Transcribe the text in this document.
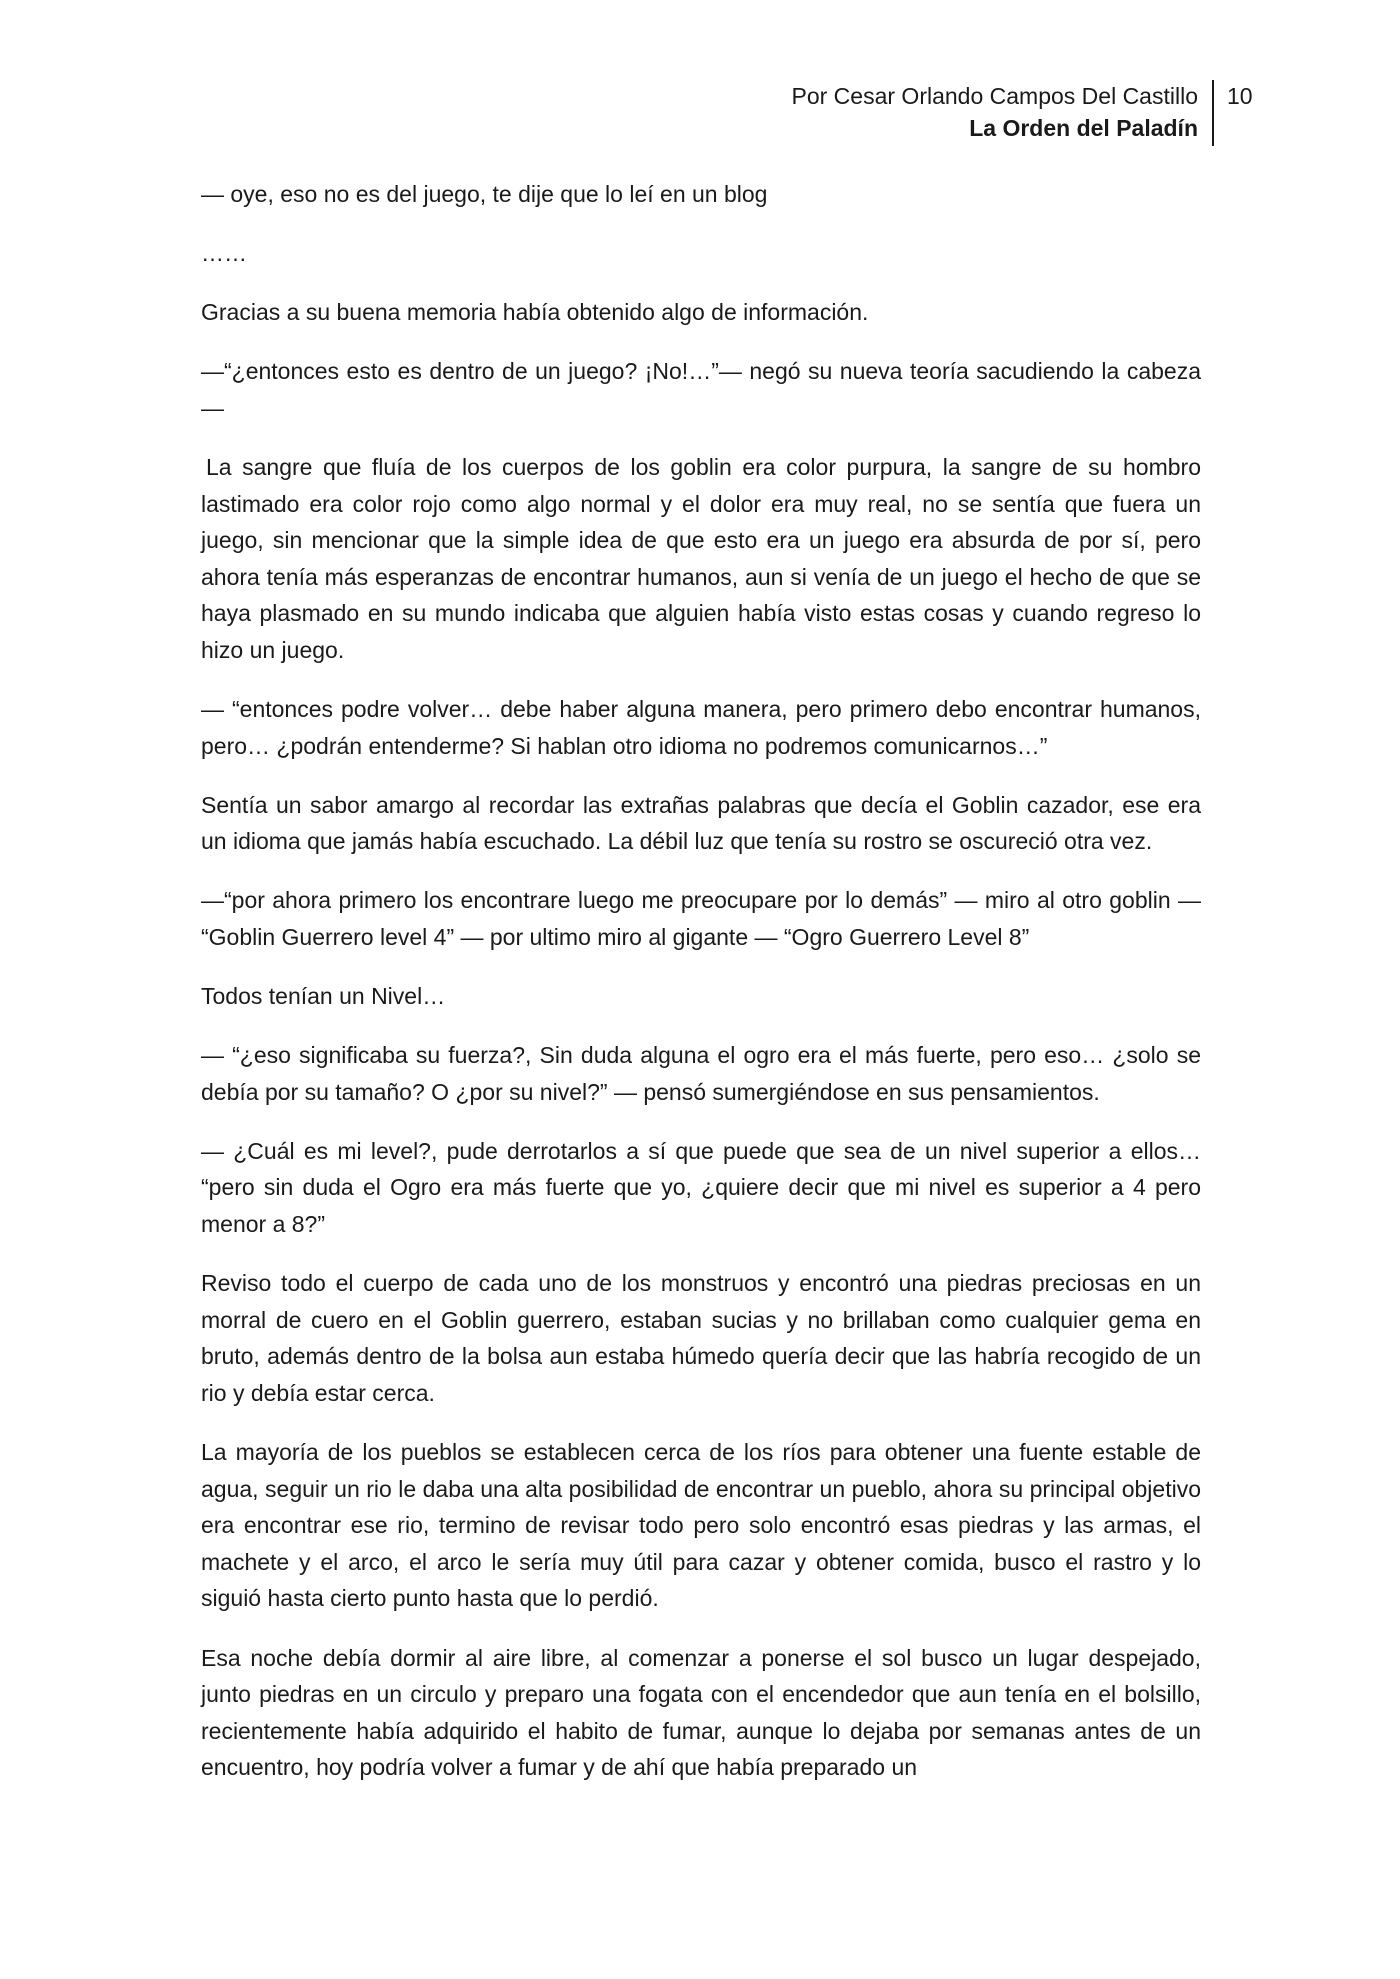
Por Cesar Orlando Campos Del Castillo
La Orden del Paladín
10

— oye, eso no es del juego, te dije que lo leí en un blog

……

Gracias a su buena memoria había obtenido algo de información.

—“¿entonces esto es dentro de un juego? ¡No!…”— negó su nueva teoría sacudiendo la cabeza—

La sangre que fluía de los cuerpos de los goblin era color purpura, la sangre de su hombro lastimado era color rojo como algo normal y el dolor era muy real, no se sentía que fuera un juego, sin mencionar que la simple idea de que esto era un juego era absurda de por sí, pero ahora tenía más esperanzas de encontrar humanos, aun si venía de un juego el hecho de que se haya plasmado en su mundo indicaba que alguien había visto estas cosas y cuando regreso lo hizo un juego.

— “entonces podre volver… debe haber alguna manera, pero primero debo encontrar humanos, pero… ¿podrán entenderme? Si hablan otro idioma no podremos comunicarnos…”

Sentía un sabor amargo al recordar las extrañas palabras que decía el Goblin cazador, ese era un idioma que jamás había escuchado. La débil luz que tenía su rostro se oscureció otra vez.

—“por ahora primero los encontrare luego me preocupare por lo demás” — miro al otro goblin — “Goblin Guerrero level 4” — por ultimo miro al gigante — “Ogro Guerrero Level 8”

Todos tenían un Nivel…

— “¿eso significaba su fuerza?, Sin duda alguna el ogro era el más fuerte, pero eso… ¿solo se debía por su tamaño? O ¿por su nivel?” — pensó sumergiéndose en sus pensamientos.

— ¿Cuál es mi level?, pude derrotarlos a sí que puede que sea de un nivel superior a ellos… “pero sin duda el Ogro era más fuerte que yo, ¿quiere decir que mi nivel es superior a 4 pero menor a 8?”

Reviso todo el cuerpo de cada uno de los monstruos y encontró una piedras preciosas en un morral de cuero en el Goblin guerrero, estaban sucias y no brillaban como cualquier gema en bruto, además dentro de la bolsa aun estaba húmedo quería decir que las habría recogido de un rio y debía estar cerca.

La mayoría de los pueblos se establecen cerca de los ríos para obtener una fuente estable de agua, seguir un rio le daba una alta posibilidad de encontrar un pueblo, ahora su principal objetivo era encontrar ese rio, termino de revisar todo pero solo encontró esas piedras y las armas, el machete y el arco, el arco le sería muy útil para cazar y obtener comida, busco el rastro y lo siguió hasta cierto punto hasta que lo perdió.

Esa noche debía dormir al aire libre, al comenzar a ponerse el sol busco un lugar despejado, junto piedras en un circulo y preparo una fogata con el encendedor que aun tenía en el bolsillo, recientemente había adquirido el habito de fumar, aunque lo dejaba por semanas antes de un encuentro, hoy podría volver a fumar y de ahí que había preparado un
